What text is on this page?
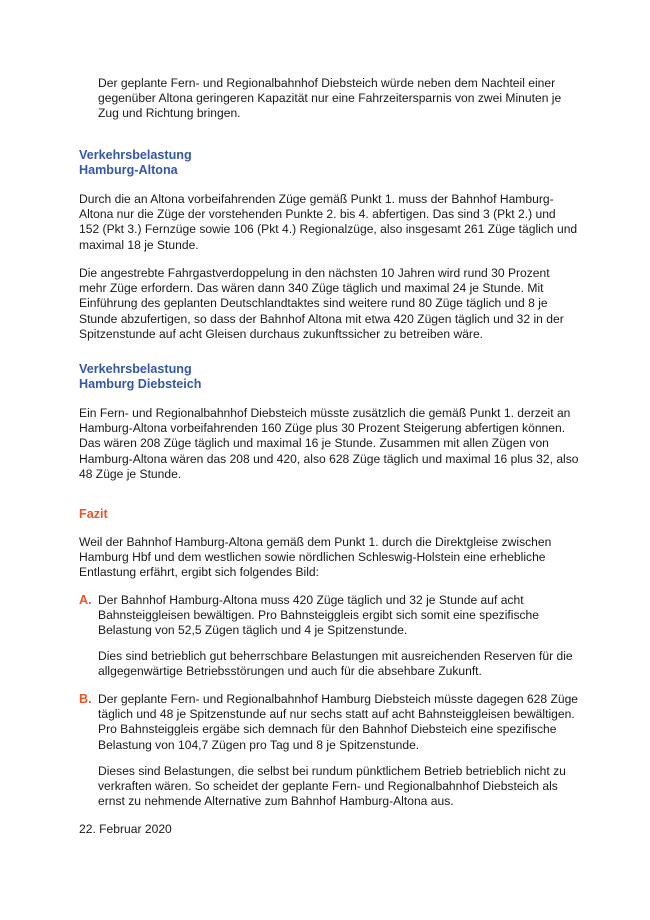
Der geplante Fern- und Regionalbahnhof Diebsteich würde neben dem Nachteil einer gegenüber Altona geringeren Kapazität nur eine Fahrzeitersparnis von zwei Minuten je Zug und Richtung bringen.

Verkehrsbelastung
Hamburg-Altona

Durch die an Altona vorbeifahrenden Züge gemäß Punkt 1. muss der Bahnhof Hamburg-Altona nur die Züge der vorstehenden Punkte 2. bis 4. abfertigen. Das sind 3 (Pkt 2.) und 152 (Pkt 3.) Fernzüge sowie 106 (Pkt 4.) Regionalzüge, also insgesamt 261 Züge täglich und maximal 18 je Stunde.

Die angestrebte Fahrgastverdoppelung in den nächsten 10 Jahren wird rund 30 Prozent mehr Züge erfordern. Das wären dann 340 Züge täglich und maximal 24 je Stunde. Mit Einführung des geplanten Deutschlandtaktes sind weitere rund 80 Züge täglich und 8 je Stunde abzufertigen, so dass der Bahnhof Altona mit etwa 420 Zügen täglich und 32 in der Spitzenstunde auf acht Gleisen durchaus zukunftssicher zu betreiben wäre.

Verkehrsbelastung
Hamburg Diebsteich

Ein Fern- und Regionalbahnhof Diebsteich müsste zusätzlich die gemäß Punkt 1. derzeit an Hamburg-Altona vorbeifahrenden 160 Züge plus 30 Prozent Steigerung abfertigen können. Das wären 208 Züge täglich und maximal 16 je Stunde. Zusammen mit allen Zügen von Hamburg-Altona wären das 208 und 420, also 628 Züge täglich und maximal 16 plus 32, also 48 Züge je Stunde.

Fazit

Weil der Bahnhof Hamburg-Altona gemäß dem Punkt 1. durch die Direktgleise zwischen Hamburg Hbf und dem westlichen sowie nördlichen Schleswig-Holstein eine erhebliche Entlastung erfährt, ergibt sich folgendes Bild:

A. Der Bahnhof Hamburg-Altona muss 420 Züge täglich und 32 je Stunde auf acht Bahnsteiggleisen bewältigen. Pro Bahnsteiggleis ergibt sich somit eine spezifische Belastung von 52,5 Zügen täglich und 4 je Spitzenstunde.

Dies sind betrieblich gut beherrschbare Belastungen mit ausreichenden Reserven für die allgegenwärtige Betriebsstörungen und auch für die absehbare Zukunft.

B. Der geplante Fern- und Regionalbahnhof Hamburg Diebsteich müsste dagegen 628 Züge täglich und 48 je Spitzenstunde auf nur sechs statt auf acht Bahnsteiggleisen bewältigen. Pro Bahnsteiggleis ergäbe sich demnach für den Bahnhof Diebsteich eine spezifische Belastung von 104,7 Zügen pro Tag und 8 je Spitzenstunde.

Dieses sind Belastungen, die selbst bei rundum pünktlichem Betrieb betrieblich nicht zu verkraften wären. So scheidet der geplante Fern- und Regionalbahnhof Diebsteich als ernst zu nehmende Alternative zum Bahnhof Hamburg-Altona aus.

22. Februar 2020
